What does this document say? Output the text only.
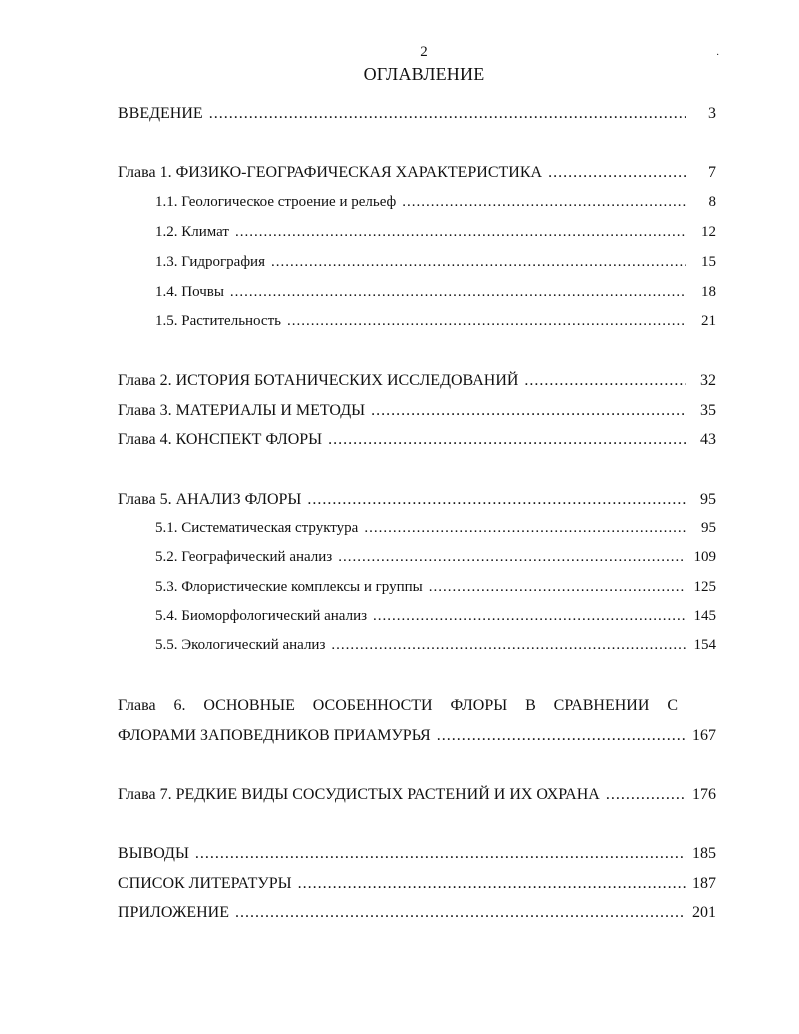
2	·
ОГЛАВЛЕНИЕ
ВВЕДЕНИЕ .....	3
Глава 1. ФИЗИКО-ГЕОГРАФИЧЕСКАЯ ХАРАКТЕРИСТИКА .....	7
1.1. Геологическое строение и рельеф .....	8
1.2. Климат .....	12
1.3. Гидрография .....	15
1.4. Почвы .....	18
1.5. Растительность .....	21
Глава 2. ИСТОРИЯ БОТАНИЧЕСКИХ ИССЛЕДОВАНИЙ .....	32
Глава 3. МАТЕРИАЛЫ И МЕТОДЫ .....	35
Глава 4. КОНСПЕКТ ФЛОРЫ .....	43
Глава 5. АНАЛИЗ ФЛОРЫ .....	95
5.1. Систематическая структура .....	95
5.2. Географический анализ .....	109
5.3. Флористические комплексы и группы .....	125
5.4. Биоморфологический анализ .....	145
5.5. Экологический анализ .....	154
Глава 6. ОСНОВНЫЕ ОСОБЕННОСТИ ФЛОРЫ В СРАВНЕНИИ С
ФЛОРАМИ ЗАПОВЕДНИКОВ ПРИАМУРЬЯ .....	167
Глава 7. РЕДКИЕ ВИДЫ СОСУДИСТЫХ РАСТЕНИЙ И ИХ ОХРАНА .....	176
ВЫВОДЫ .....	185
СПИСОК ЛИТЕРАТУРЫ .....	187
ПРИЛОЖЕНИЕ .....	201
